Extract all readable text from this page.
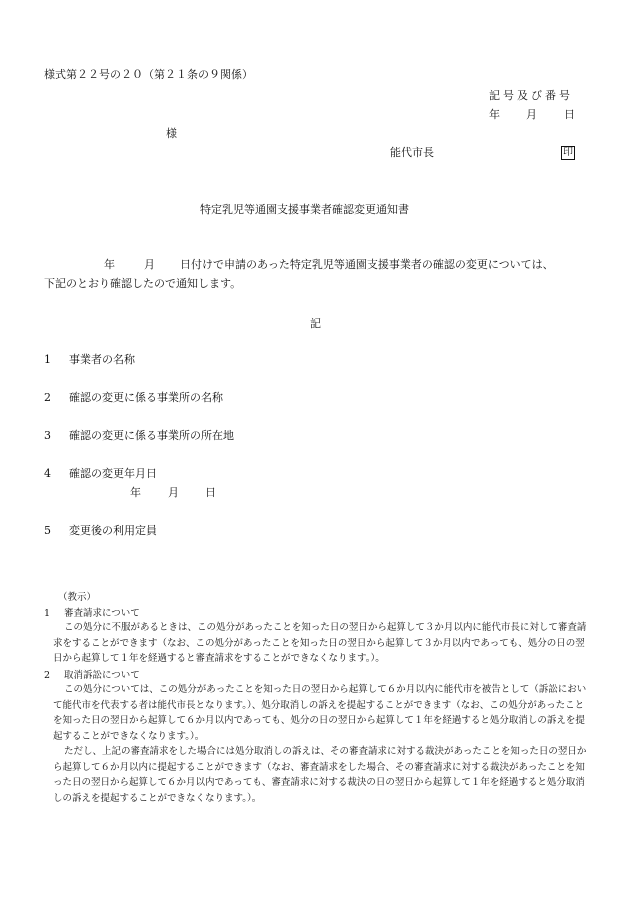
様式第２２号の２０（第２１条の９関係）
記号及び番号
年 月 日
様
能代市長	印
特定乳児等通園支援事業者確認変更通知書
年	月 日付けで申請のあった特定乳児等通園支援事業者の確認の変更については、
下記のとおり確認したので通知します。
記
1 事業者の名称
2 確認の変更に係る事業所の名称
3 確認の変更に係る事業所の所在地
4 確認の変更年月日
年 月 日
5 変更後の利用定員
（教示）
1 審査請求について
この処分に不服があるときは、この処分があったことを知った日の翌日から起算して３か月以内に能代市長に対して審査請求をすることができます（なお、この処分があったことを知った日の翌日から起算して３か月以内であっても、処分の日の翌日から起算して１年を経過すると審査請求をすることができなくなります。）。
2 取消訴訟について
この処分については、この処分があったことを知った日の翌日から起算して６か月以内に能代市を被告として（訴訟において能代市を代表する者は能代市長となります。）、処分取消しの訴えを提起することができます（なお、この処分があったことを知った日の翌日から起算して６か月以内であっても、処分の日の翌日から起算して１年を経過すると処分取消しの訴えを提起することができなくなります。）。
ただし、上記の審査請求をした場合には処分取消しの訴えは、その審査請求に対する裁決があったことを知った日の翌日から起算して６か月以内に提起することができます（なお、審査請求をした場合、その審査請求に対する裁決があったことを知った日の翌日から起算して６か月以内であっても、審査請求に対する裁決の日の翌日から起算して１年を経過すると処分取消しの訴えを提起することができなくなります。）。
